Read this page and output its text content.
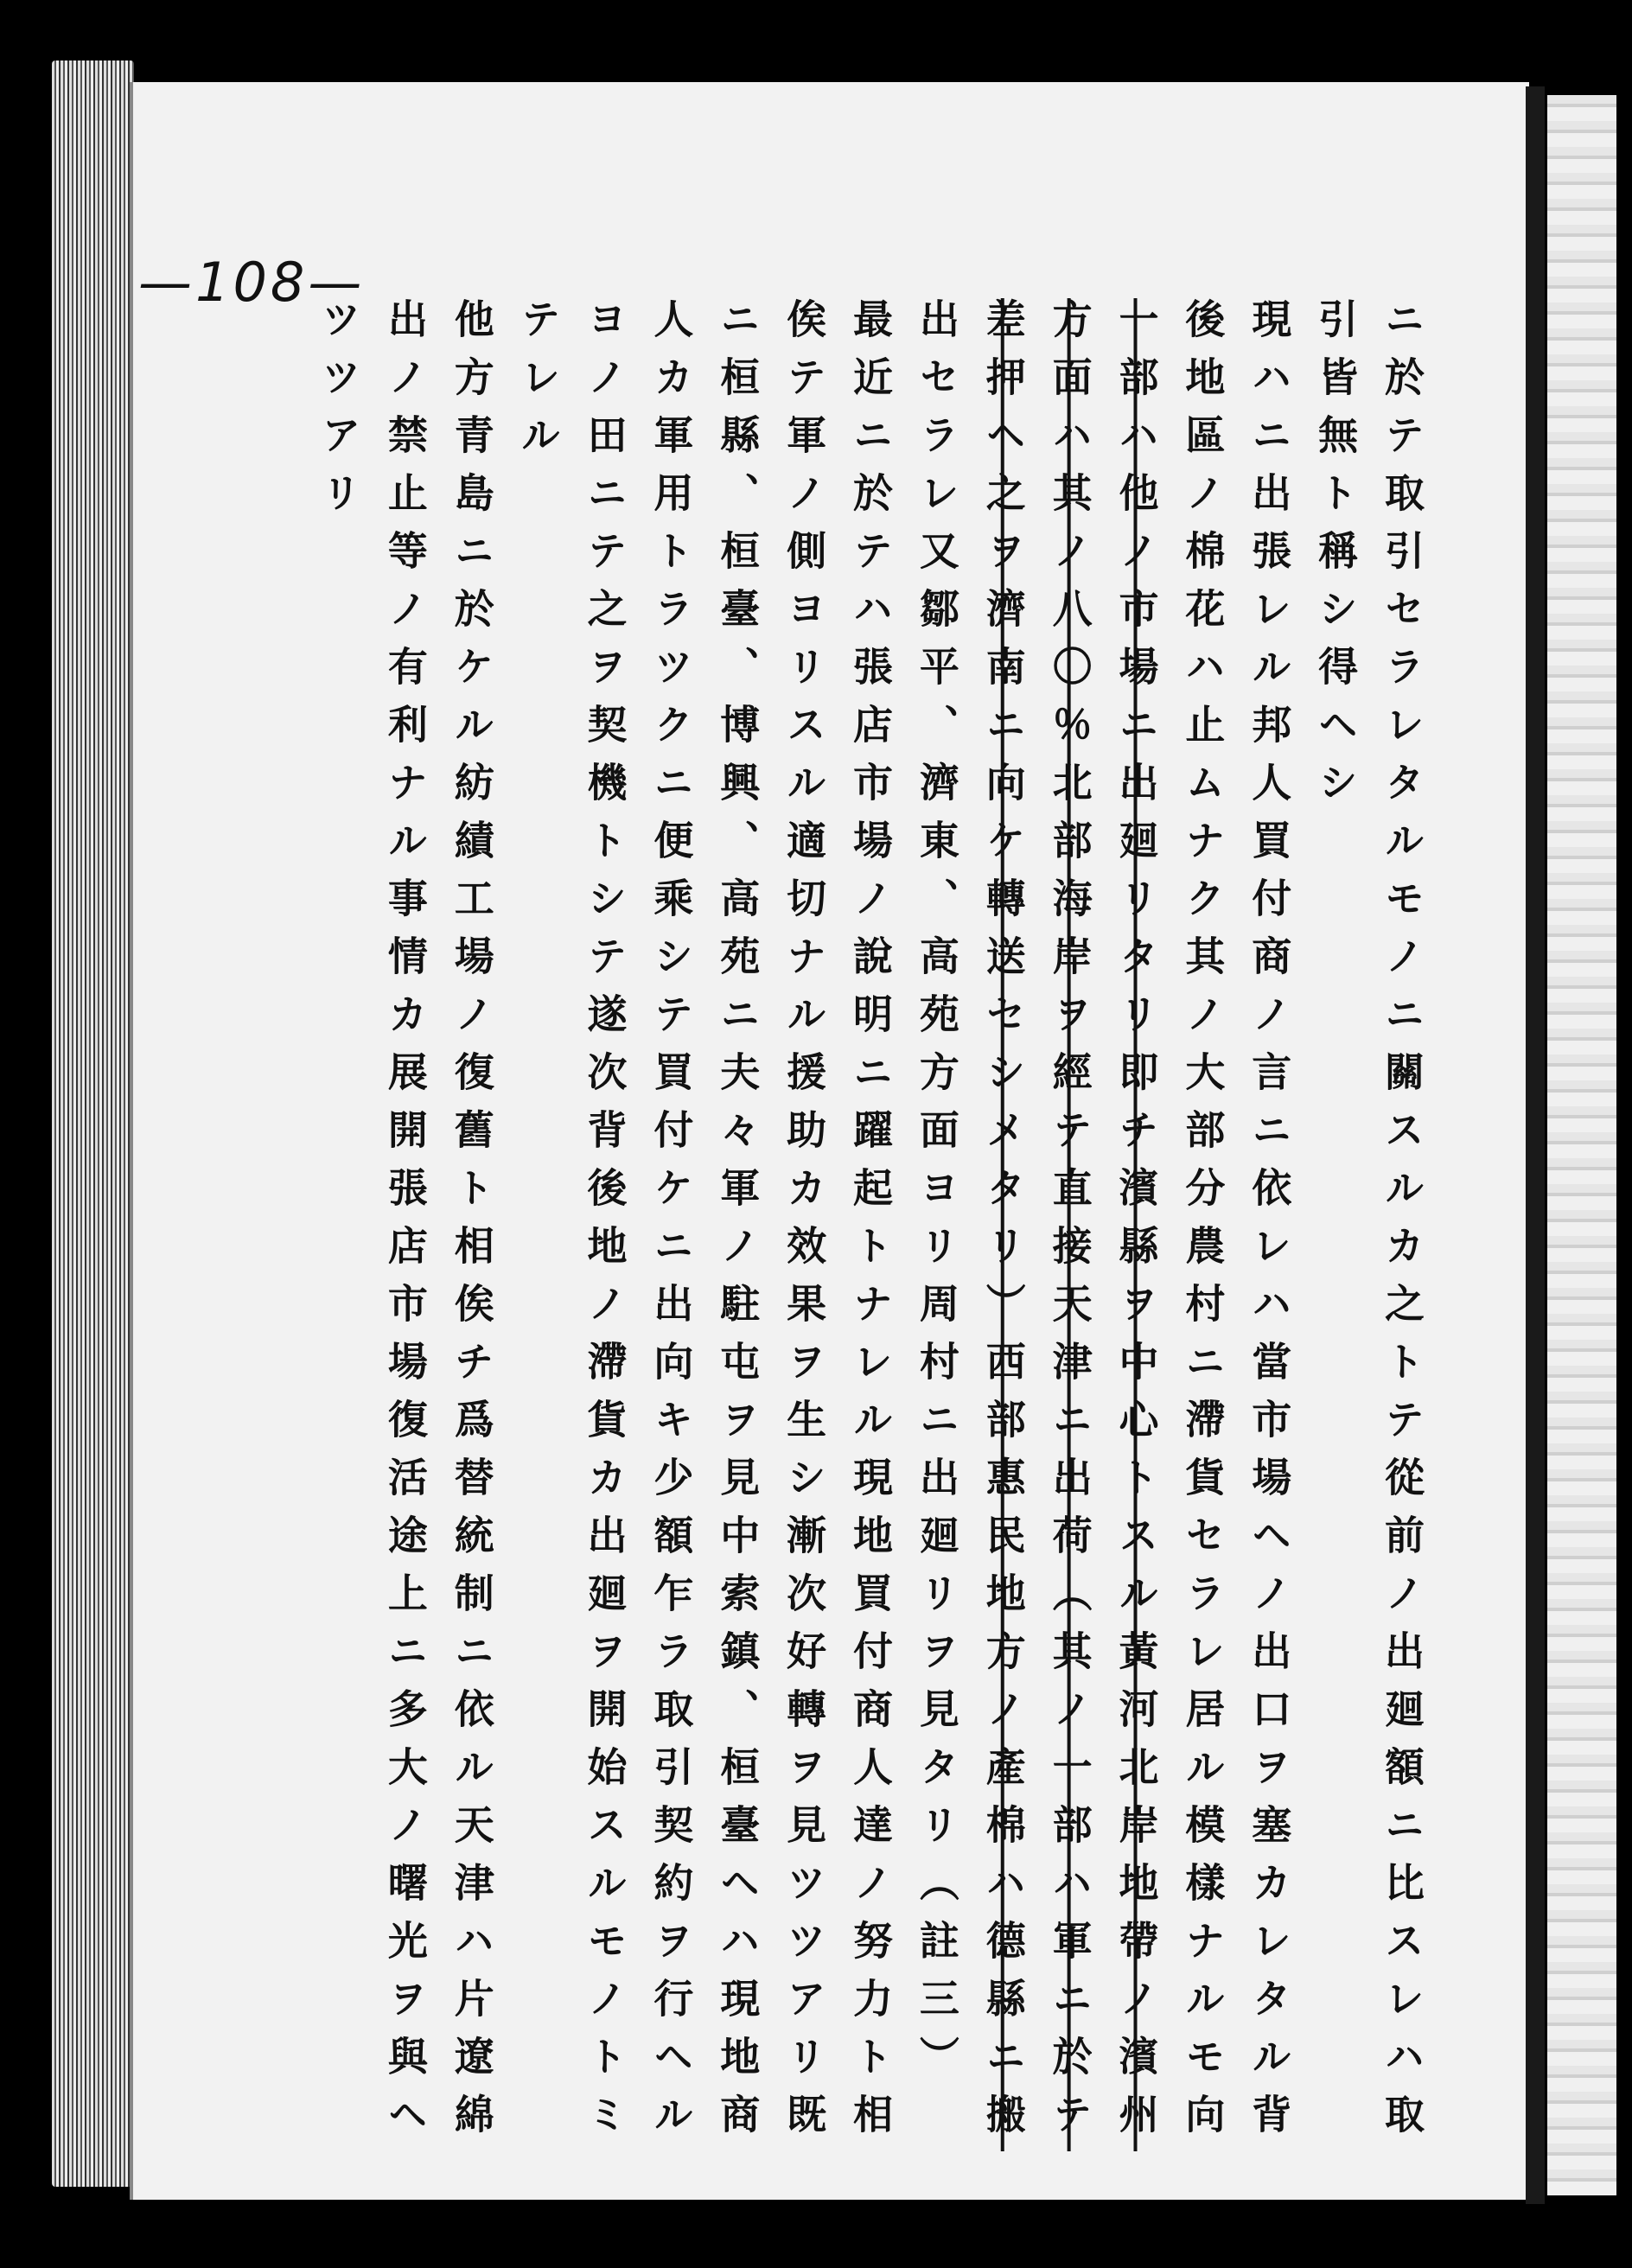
—108—
ニ於テ取引セラレタルモノニ關スルカ之トテ從前ノ出廻額ニ比スレハ取
引皆無ト稱シ得ヘシ
現ハニ出張レル邦人買付商ノ言ニ依レハ當市場ヘノ出口ヲ塞カレタル背
後地區ノ棉花ハ止ムナク其ノ大部分農村ニ滯貨セラレ居ル模樣ナルモ向
一部ハ他ノ市場ニ出廻リタリ即チ濱縣ヲ中心トスル黃河北岸地帶ノ濱州
方面ハ其ノ八〇％北部海岸ヲ經テ直接天津ニ出荷（其ノ一部ハ軍ニ於テ
差押ヘ之ヲ濟南ニ向ケ轉送セシメタリ）西部惠民地方ノ產棉ハ德縣ニ搬
出セラレ又鄒平、濟東、高苑方面ヨリ周村ニ出廻リヲ見タリ（註三）
最近ニ於テハ張店市場ノ說明ニ躍起トナレル現地買付商人達ノ努力ト相
俟テ軍ノ側ヨリスル適切ナル援助カ效果ヲ生シ漸次好轉ヲ見ツツアリ既
ニ桓縣、桓臺、博興、高苑ニ夫々軍ノ駐屯ヲ見中索鎮、桓臺ヘハ現地商
人カ軍用トラツクニ便乘シテ買付ケニ出向キ少額乍ラ取引契約ヲ行ヘル
ヨノ田ニテ之ヲ契機トシテ遂次背後地ノ滯貨カ出廻ヲ開始スルモノトミ
テレル
他方青島ニ於ケル紡績工場ノ復舊ト相俟チ爲替統制ニ依ル天津ハ片遼綿
出ノ禁止等ノ有利ナル事情カ展開張店市場復活途上ニ多大ノ曙光ヲ與ヘ
ツツアリ
